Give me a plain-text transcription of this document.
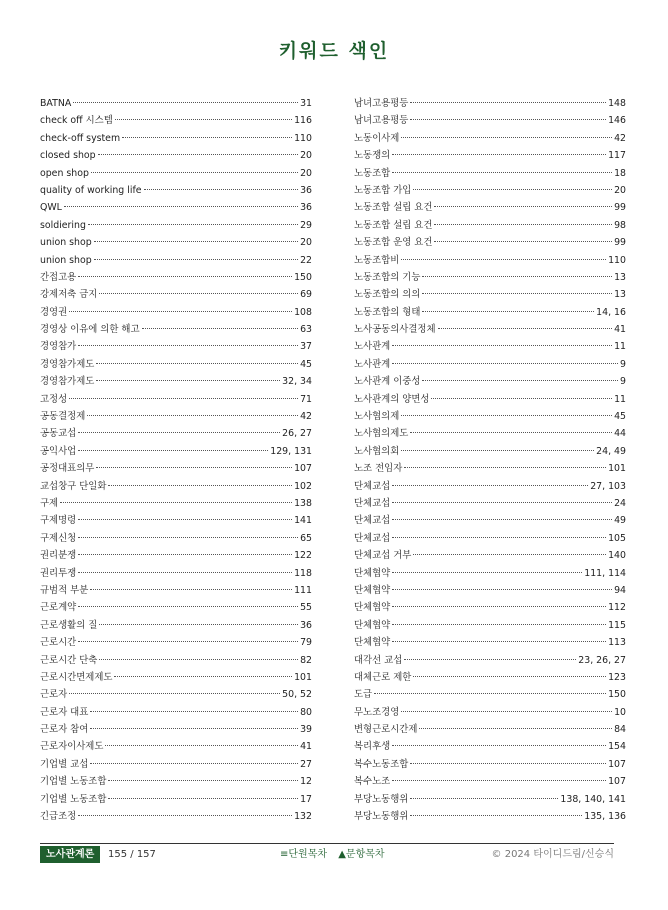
키워드 색인
BATNA	31
check off 시스템	116
check-off system	110
closed shop	20
open shop	20
quality of working life	36
QWL	36
soldiering	29
union shop	20
union shop	22
간접고용	150
강제저축 금지	69
경영권	108
경영상 이유에 의한 해고	63
경영참가	37
경영참가제도	45
경영참가제도	32, 34
고정성	71
공동결정제	42
공동교섭	26, 27
공익사업	129, 131
공정대표의무	107
교섭창구 단일화	102
구제	138
구제명령	141
구제신청	65
권리분쟁	122
권리투쟁	118
규범적 부분	111
근로계약	55
근로생활의 질	36
근로시간	79
근로시간 단축	82
근로시간면제제도	101
근로자	50, 52
근로자 대표	80
근로자 참여	39
근로자이사제도	41
기업별 교섭	27
기업별 노동조합	12
기업별 노동조합	17
긴급조정	132
남녀고용평등	148
남녀고용평등	146
노동이사제	42
노동쟁의	117
노동조합	18
노동조합 가입	20
노동조합 설립 요건	99
노동조합 설립 요건	98
노동조합 운영 요건	99
노동조합비	110
노동조합의 기능	13
노동조합의 의의	13
노동조합의 형태	14, 16
노사공동의사결정체	41
노사관계	11
노사관계	9
노사관계 이중성	9
노사관계의 양면성	11
노사협의제	45
노사협의제도	44
노사협의회	24, 49
노조 전임자	101
단체교섭	27, 103
단체교섭	24
단체교섭	49
단체교섭	105
단체교섭 거부	140
단체협약	111, 114
단체협약	94
단체협약	112
단체협약	115
단체협약	113
대각선 교섭	23, 26, 27
대체근로 제한	123
도급	150
무노조경영	10
변형근로시간제	84
복리후생	154
복수노동조합	107
복수노조	107
부당노동행위	138, 140, 141
부당노동행위	135, 136
노사관계론	155 / 157	≡단원목차 ▲문항목차	© 2024 타이디드림/신승식
